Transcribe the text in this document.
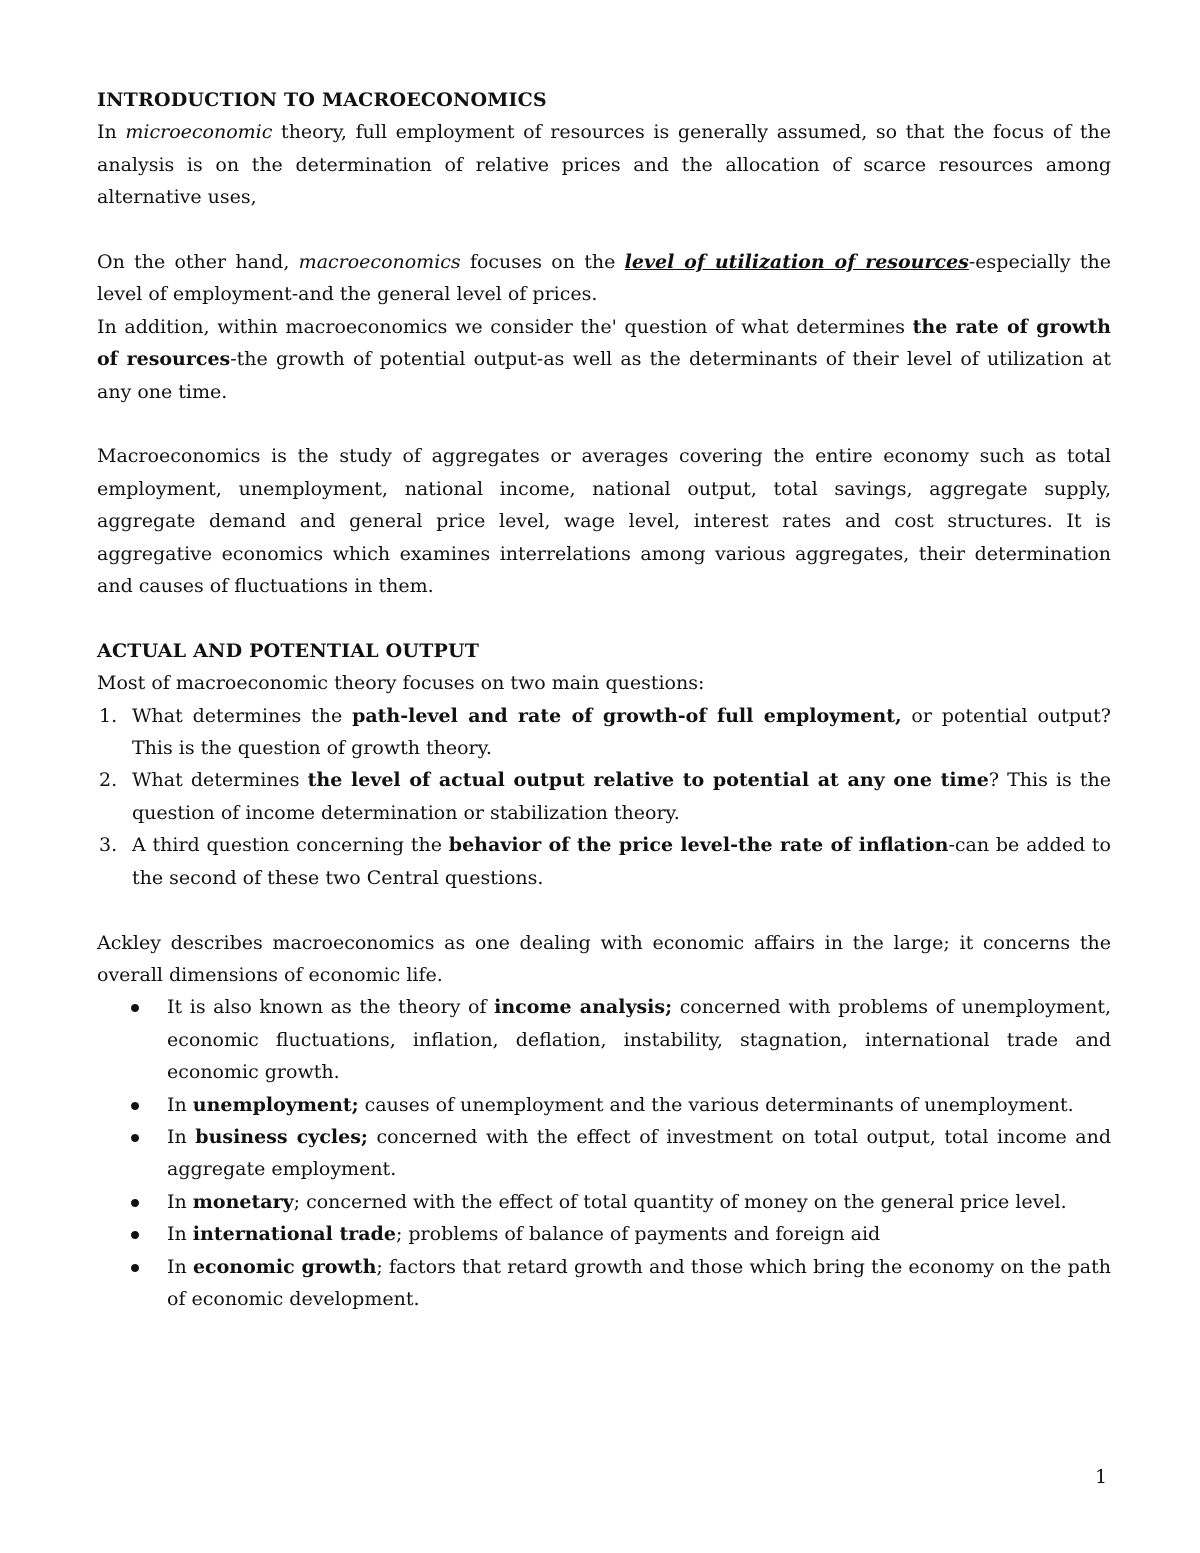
INTRODUCTION TO MACROECONOMICS

In microeconomic theory, full employment of resources is generally assumed, so that the focus of the analysis is on the determination of relative prices and the allocation of scarce resources among alternative uses,

On the other hand, macroeconomics focuses on the level of utilization of resources-especially the level of employment-and the general level of prices.

In addition, within macroeconomics we consider the' question of what determines the rate of growth of resources-the growth of potential output-as well as the determinants of their level of utilization at any one time.

Macroeconomics is the study of aggregates or averages covering the entire economy such as total employment, unemployment, national income, national output, total savings, aggregate supply, aggregate demand and general price level, wage level, interest rates and cost structures. It is aggregative economics which examines interrelations among various aggregates, their determination and causes of fluctuations in them.

ACTUAL AND POTENTIAL OUTPUT

Most of macroeconomic theory focuses on two main questions:

1. What determines the path-level and rate of growth-of full employment, or potential output? This is the question of growth theory.
2. What determines the level of actual output relative to potential at any one time? This is the question of income determination or stabilization theory.
3. A third question concerning the behavior of the price level-the rate of inflation-can be added to the second of these two Central questions.

Ackley describes macroeconomics as one dealing with economic affairs in the large; it concerns the overall dimensions of economic life.

It is also known as the theory of income analysis; concerned with problems of unemployment, economic fluctuations, inflation, deflation, instability, stagnation, international trade and economic growth.
In unemployment; causes of unemployment and the various determinants of unemployment.
In business cycles; concerned with the effect of investment on total output, total income and aggregate employment.
In monetary; concerned with the effect of total quantity of money on the general price level.
In international trade; problems of balance of payments and foreign aid
In economic growth; factors that retard growth and those which bring the economy on the path of economic development.
1
